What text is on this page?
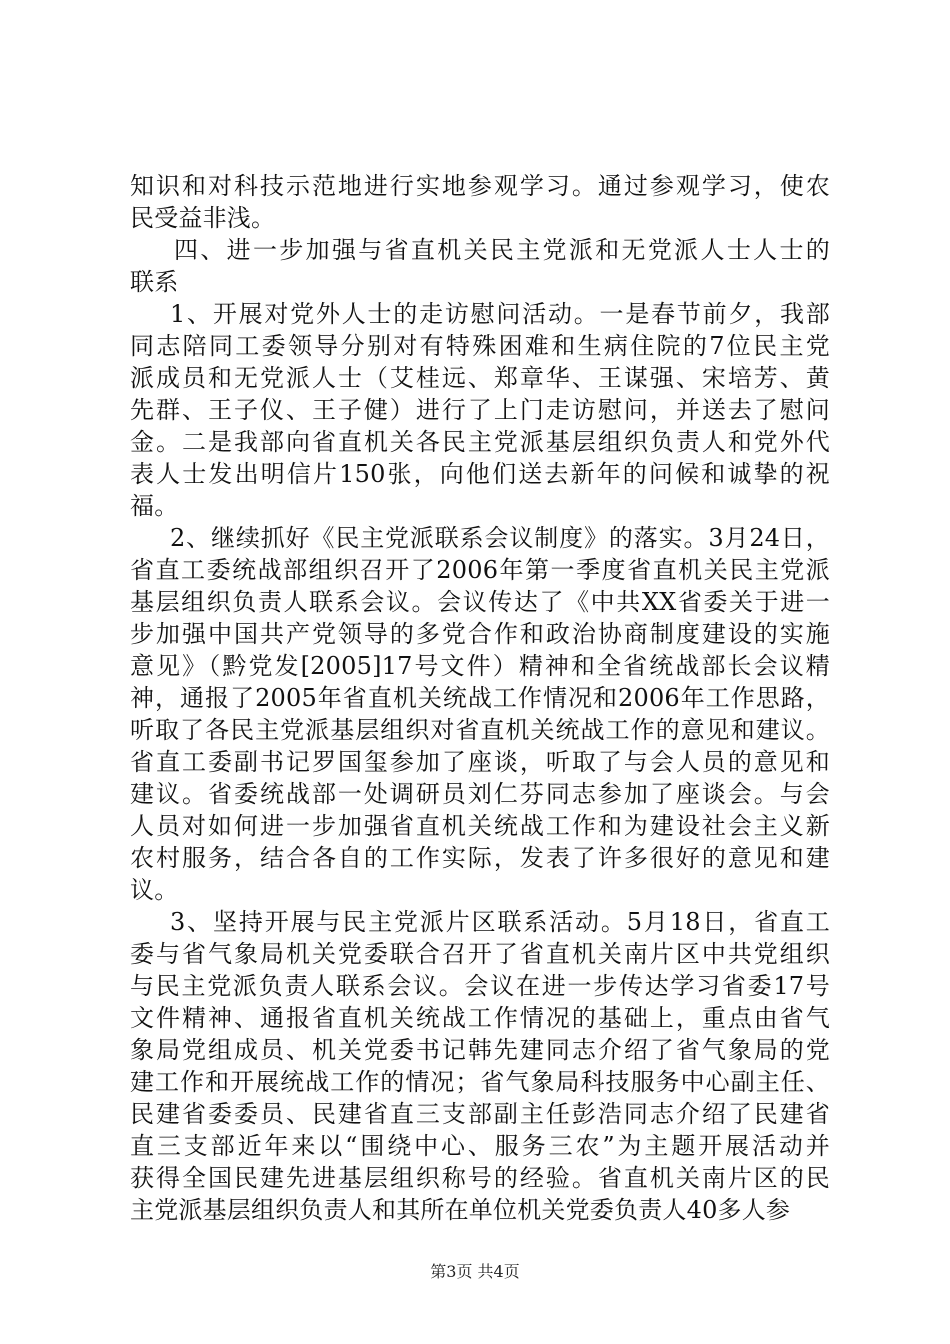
知识和对科技示范地进行实地参观学习。通过参观学习，使农
民受益非浅。
四、进一步加强与省直机关民主党派和无党派人士人士的
联系
1、开展对党外人士的走访慰问活动。一是春节前夕，我部
同志陪同工委领导分别对有特殊困难和生病住院的7位民主党
派成员和无党派人士（艾桂远、郑章华、王谋强、宋培芳、黄
先群、王子仪、王子健）进行了上门走访慰问，并送去了慰问
金。二是我部向省直机关各民主党派基层组织负责人和党外代
表人士发出明信片150张，向他们送去新年的问候和诚挚的祝
福。
2、继续抓好《民主党派联系会议制度》的落实。3月24日，
省直工委统战部组织召开了2006年第一季度省直机关民主党派
基层组织负责人联系会议。会议传达了《中共XX省委关于进一
步加强中国共产党领导的多党合作和政治协商制度建设的实施
意见》（黔党发[2005]17号文件）精神和全省统战部长会议精
神，通报了2005年省直机关统战工作情况和2006年工作思路，
听取了各民主党派基层组织对省直机关统战工作的意见和建议。
省直工委副书记罗国玺参加了座谈，听取了与会人员的意见和
建议。省委统战部一处调研员刘仁芬同志参加了座谈会。与会
人员对如何进一步加强省直机关统战工作和为建设社会主义新
农村服务，结合各自的工作实际，发表了许多很好的意见和建
议。
3、坚持开展与民主党派片区联系活动。5月18日，省直工
委与省气象局机关党委联合召开了省直机关南片区中共党组织
与民主党派负责人联系会议。会议在进一步传达学习省委17号
文件精神、通报省直机关统战工作情况的基础上，重点由省气
象局党组成员、机关党委书记韩先建同志介绍了省气象局的党
建工作和开展统战工作的情况；省气象局科技服务中心副主任、
民建省委委员、民建省直三支部副主任彭浩同志介绍了民建省
直三支部近年来以“围绕中心、服务三农”为主题开展活动并
获得全国民建先进基层组织称号的经验。省直机关南片区的民
主党派基层组织负责人和其所在单位机关党委负责人40多人参
第3页 共4页
